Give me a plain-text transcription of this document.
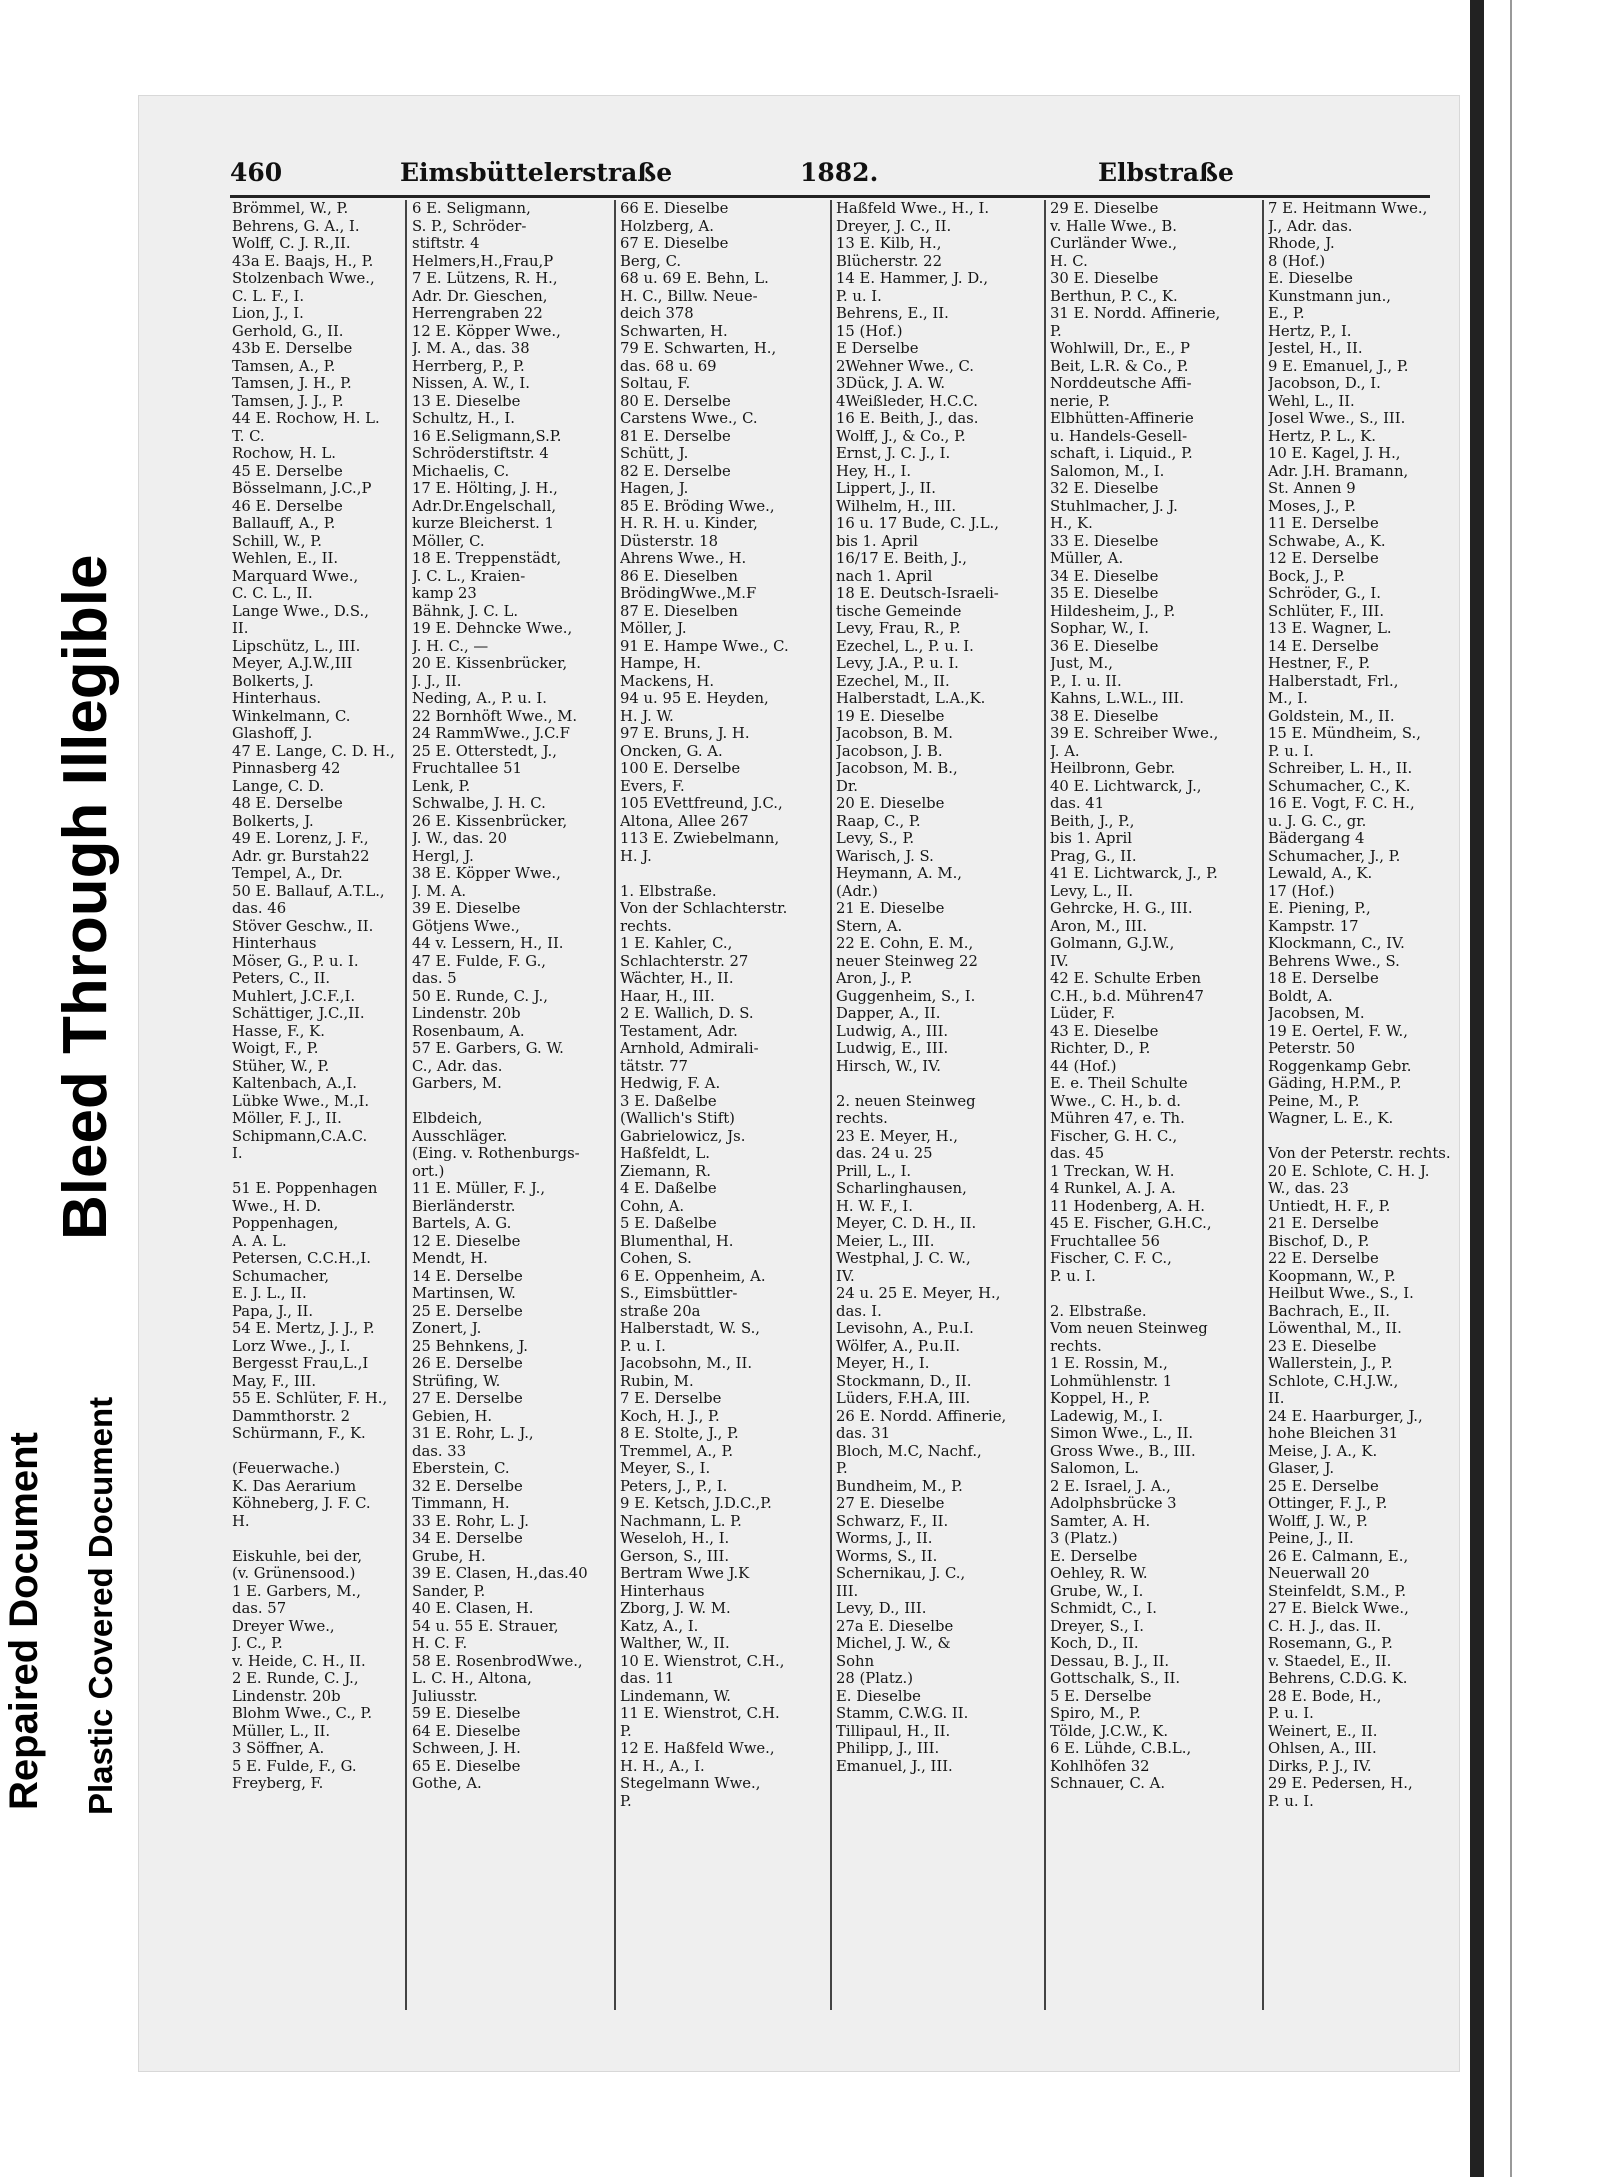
Bleed Through Illegible
Repaired Document Plastic Covered Document
460	Eimsbüttelerstraße	1882.	Elbstraße
Brömmel, W., P.
Behrens, G. A., I.
Wolff, C. J. R.,II.
43a E. Baajs, H., P.
Stolzenbach Wwe.,
C. L. F., I.
Lion, J., I.
Gerhold, G., II.
43b E. Derselbe
Tamsen, A., P.
Tamsen, J. H., P.
Tamsen, J. J., P.
44 E. Rochow, H. L.
T. C.
Rochow, H. L.
45 E. Derselbe
Bösselmann, J.C.,P
46 E. Derselbe
Ballauff, A., P.
Schill, W., P.
Wehlen, E., II.
Marquard Wwe.,
C. C. L., II.
Lange Wwe., D.S.,
II.
Lipschütz, L., III.
Meyer, A.J.W.,III
Bolkerts, J.
Hinterhaus.
Winkelmann, C.
Glashoff, J.
47 E. Lange, C. D. H.,
Pinnasberg 42
Lange, C. D.
48 E. Derselbe
Bolkerts, J.
49 E. Lorenz, J. F.,
Adr. gr. Burstah22
Tempel, A., Dr.
50 E. Ballauf, A.T.L.,
das. 46
Stöver Geschw., II.
Hinterhaus
Möser, G., P. u. I.
Peters, C., II.
Muhlert, J.C.F.,I.
Schättiger, J.C.,II.
Hasse, F., K.
Woigt, F., P.
Stüher, W., P.
Kaltenbach, A.,I.
Lübke Wwe., M.,I.
Möller, F. J., II.
Schipmann,C.A.C.
I.

51 E. Poppenhagen
Wwe., H. D.
Poppenhagen,
A. A. L.
Petersen, C.C.H.,I.
Schumacher,
E. J. L., II.
Papa, J., II.
54 E. Mertz, J. J., P.
Lorz Wwe., J., I.
Bergesst Frau,L.,I
May, F., III.
55 E. Schlüter, F. H.,
Dammthorstr. 2
Schürmann, F., K.

(Feuerwache.)
K. Das Aerarium
Köhneberg, J. F. C.
H.

Eiskuhle, bei der,
(v. Grünensood.)
1 E. Garbers, M.,
das. 57
Dreyer Wwe.,
J. C., P.
v. Heide, C. H., II.
2 E. Runde, C. J.,
Lindenstr. 20b
Blohm Wwe., C., P.
Müller, L., II.
3 Söffner, A.
5 E. Fulde, F., G.
Freyberg, F.
6 E. Seligmann,
S. P., Schröder-
stiftstr. 4
Helmers,H.,Frau,P
7 E. Lützens, R. H.,
Adr. Dr. Gieschen,
Herrengraben 22
12 E. Köpper Wwe.,
J. M. A., das. 38
Herrberg, P., P.
Nissen, A. W., I.
13 E. Dieselbe
Schultz, H., I.
16 E.Seligmann,S.P.
Schröderstiftstr. 4
Michaelis, C.
17 E. Hölting, J. H.,
Adr.Dr.Engelschall,
kurze Bleicherst. 1
Möller, C.
18 E. Treppenstädt,
J. C. L., Kraien-
kamp 23
Bähnk, J. C. L.
19 E. Dehncke Wwe.,
J. H. C., —
20 E. Kissenbrücker,
J. J., II.
Neding, A., P. u. I.
22 Bornhöft Wwe., M.
24 RammWwe., J.C.F
25 E. Otterstedt, J.,
Fruchtallee 51
Lenk, P.
Schwalbe, J. H. C.
26 E. Kissenbrücker,
J. W., das. 20
Hergl, J.
38 E. Köpper Wwe.,
J. M. A.
39 E. Dieselbe
Götjens Wwe.,
44 v. Lessern, H., II.
47 E. Fulde, F. G.,
das. 5
50 E. Runde, C. J.,
Lindenstr. 20b
Rosenbaum, A.
57 E. Garbers, G. W.
C., Adr. das.
Garbers, M.

Elbdeich,
Ausschläger.
(Eing. v. Rothenburgs-
ort.)
11 E. Müller, F. J.,
Bierländerstr.
Bartels, A. G.
12 E. Dieselbe
Mendt, H.
14 E. Derselbe
Martinsen, W.
25 E. Derselbe
Zonert, J.
25 Behnkens, J.
26 E. Derselbe
Strüfing, W.
27 E. Derselbe
Gebien, H.
31 E. Rohr, L. J.,
das. 33
Eberstein, C.
32 E. Derselbe
Timmann, H.
33 E. Rohr, L. J.
34 E. Derselbe
Grube, H.
39 E. Clasen, H.,das.40
Sander, P.
40 E. Clasen, H.
54 u. 55 E. Strauer,
H. C. F.
58 E. RosenbrodWwe.,
L. C. H., Altona,
Juliusstr.
59 E. Dieselbe
64 E. Dieselbe
Schween, J. H.
65 E. Dieselbe
Gothe, A.
66 E. Dieselbe
Holzberg, A.
67 E. Dieselbe
Berg, C.
68 u. 69 E. Behn, L.
H. C., Billw. Neue-
deich 378
Schwarten, H.
79 E. Schwarten, H.,
das. 68 u. 69
Soltau, F.
80 E. Derselbe
Carstens Wwe., C.
81 E. Derselbe
Schütt, J.
82 E. Derselbe
Hagen, J.
85 E. Bröding Wwe.,
H. R. H. u. Kinder,
Düsterstr. 18
Ahrens Wwe., H.
86 E. Dieselben
BrödingWwe.,M.F
87 E. Dieselben
Möller, J.
91 E. Hampe Wwe., C.
Hampe, H.
Mackens, H.
94 u. 95 E. Heyden,
H. J. W.
97 E. Bruns, J. H.
Oncken, G. A.
100 E. Derselbe
Evers, F.
105 EVettfreund, J.C.,
Altona, Allee 267
113 E. Zwiebelmann,
H. J.

1. Elbstraße.
Von der Schlachterstr.
rechts.
1 E. Kahler, C.,
Schlachterstr. 27
Wächter, H., II.
Haar, H., III.
2 E. Wallich, D. S.
Testament, Adr.
Arnhold, Admirali-
tätstr. 77
Hedwig, F. A.
3 E. Daßelbe
(Wallich's Stift)
Gabrielowicz, Js.
Haßfeldt, L.
Ziemann, R.
4 E. Daßelbe
Cohn, A.
5 E. Daßelbe
Blumenthal, H.
Cohen, S.
6 E. Oppenheim, A.
S., Eimsbüttler-
straße 20a
Halberstadt, W. S.,
P. u. I.
Jacobsohn, M., II.
Rubin, M.
7 E. Derselbe
Koch, H. J., P.
8 E. Stolte, J., P.
Tremmel, A., P.
Meyer, S., I.
Peters, J., P., I.
9 E. Ketsch, J.D.C.,P.
Nachmann, L. P.
Weseloh, H., I.
Gerson, S., III.
Bertram Wwe J.K
Hinterhaus
Zborg, J. W. M.
Katz, A., I.
Walther, W., II.
10 E. Wienstrot, C.H.,
das. 11
Lindemann, W.
11 E. Wienstrot, C.H.
P.
12 E. Haßfeld Wwe.,
H. H., A., I.
Stegelmann Wwe.,
P.
Haßfeld Wwe., H., I.
Dreyer, J. C., II.
13 E. Kilb, H.,
Blücherstr. 22
14 E. Hammer, J. D.,
P. u. I.
Behrens, E., II.
15 (Hof.)
E Derselbe
2Wehner Wwe., C.
3Dück, J. A. W.
4Weißleder, H.C.C.
16 E. Beith, J., das.
Wolff, J., & Co., P.
Ernst, J. C. J., I.
Hey, H., I.
Lippert, J., II.
Wilhelm, H., III.
16 u. 17 Bude, C. J.L.,
bis 1. April
16/17 E. Beith, J.,
nach 1. April
18 E. Deutsch-Israeli-
tische Gemeinde
Levy, Frau, R., P.
Ezechel, L., P. u. I.
Levy, J.A., P. u. I.
Ezechel, M., II.
Halberstadt, L.A.,K.
19 E. Dieselbe
Jacobson, B. M.
Jacobson, J. B.
Jacobson, M. B.,
Dr.
20 E. Dieselbe
Raap, C., P.
Levy, S., P.
Warisch, J. S.
Heymann, A. M.,
(Adr.)
21 E. Dieselbe
Stern, A.
22 E. Cohn, E. M.,
neuer Steinweg 22
Aron, J., P.
Guggenheim, S., I.
Dapper, A., II.
Ludwig, A., III.
Ludwig, E., III.
Hirsch, W., IV.

2. neuen Steinweg
rechts.
23 E. Meyer, H.,
das. 24 u. 25
Prill, L., I.
Scharlinghausen,
H. W. F., I.
Meyer, C. D. H., II.
Meier, L., III.
Westphal, J. C. W.,
IV.
24 u. 25 E. Meyer, H.,
das. I.
Levisohn, A., P.u.I.
Wölfer, A., P.u.II.
Meyer, H., I.
Stockmann, D., II.
Lüders, F.H.A, III.
26 E. Nordd. Affinerie,
das. 31
Bloch, M.C, Nachf.,
P.
Bundheim, M., P.
27 E. Dieselbe
Schwarz, F., II.
Worms, J., II.
Worms, S., II.
Schernikau, J. C.,
III.
Levy, D., III.
27a E. Dieselbe
Michel, J. W., &
Sohn
28 (Platz.)
E. Dieselbe
Stamm, C.W.G. II.
Tillipaul, H., II.
Philipp, J., III.
Emanuel, J., III.
29 E. Dieselbe
v. Halle Wwe., B.
Curländer Wwe.,
H. C.
30 E. Dieselbe
Berthun, P. C., K.
31 E. Nordd. Affinerie,
P.
Wohlwill, Dr., E., P
Beit, L.R. & Co., P.
Norddeutsche Affi-
nerie, P.
Elbhütten-Affinerie
u. Handels-Gesell-
schaft, i. Liquid., P.
Salomon, M., I.
32 E. Dieselbe
Stuhlmacher, J. J.
H., K.
33 E. Dieselbe
Müller, A.
34 E. Dieselbe
35 E. Dieselbe
Hildesheim, J., P.
Sophar, W., I.
36 E. Dieselbe
Just, M.,
P., I. u. II.
Kahns, L.W.L., III.
38 E. Dieselbe
39 E. Schreiber Wwe.,
J. A.
Heilbronn, Gebr.
40 E. Lichtwarck, J.,
das. 41
Beith, J., P.,
bis 1. April
Prag, G., II.
41 E. Lichtwarck, J., P.
Levy, L., II.
Gehrcke, H. G., III.
Aron, M., III.
Golmann, G.J.W.,
IV.
42 E. Schulte Erben
C.H., b.d. Mühren47
Lüder, F.
43 E. Dieselbe
Richter, D., P.
44 (Hof.)
E. e. Theil Schulte
Wwe., C. H., b. d.
Mühren 47, e. Th.
Fischer, G. H. C.,
das. 45
1 Treckan, W. H.
4 Runkel, A. J. A.
11 Hodenberg, A. H.
45 E. Fischer, G.H.C.,
Fruchtallee 56
Fischer, C. F. C.,
P. u. I.

2. Elbstraße.
Vom neuen Steinweg
rechts.
1 E. Rossin, M.,
Lohmühlenstr. 1
Koppel, H., P.
Ladewig, M., I.
Simon Wwe., L., II.
Gross Wwe., B., III.
Salomon, L.
2 E. Israel, J. A.,
Adolphsbrücke 3
Samter, A. H.
3 (Platz.)
E. Derselbe
Oehley, R. W.
Grube, W., I.
Schmidt, C., I.
Dreyer, S., I.
Koch, D., II.
Dessau, B. J., II.
Gottschalk, S., II.
5 E. Derselbe
Spiro, M., P.
Tölde, J.C.W., K.
6 E. Lühde, C.B.L.,
Kohlhöfen 32
Schnauer, C. A.
7 E. Heitmann Wwe.,
J., Adr. das.
Rhode, J.
8 (Hof.)
E. Dieselbe
Kunstmann jun.,
E., P.
Hertz, P., I.
Jestel, H., II.
9 E. Emanuel, J., P.
Jacobson, D., I.
Wehl, L., II.
Josel Wwe., S., III.
Hertz, P. L., K.
10 E. Kagel, J. H.,
Adr. J.H. Bramann,
St. Annen 9
Moses, J., P.
11 E. Derselbe
Schwabe, A., K.
12 E. Derselbe
Bock, J., P.
Schröder, G., I.
Schlüter, F., III.
13 E. Wagner, L.
14 E. Derselbe
Hestner, F., P.
Halberstadt, Frl.,
M., I.
Goldstein, M., II.
15 E. Mündheim, S.,
P. u. I.
Schreiber, L. H., II.
Schumacher, C., K.
16 E. Vogt, F. C. H.,
u. J. G. C., gr.
Bädergang 4
Schumacher, J., P.
Lewald, A., K.
17 (Hof.)
E. Piening, P.,
Kampstr. 17
Klockmann, C., IV.
Behrens Wwe., S.
18 E. Derselbe
Boldt, A.
Jacobsen, M.
19 E. Oertel, F. W.,
Peterstr. 50
Roggenkamp Gebr.
Gäding, H.P.M., P.
Peine, M., P.
Wagner, L. E., K.

Von der Peterstr. rechts.
20 E. Schlote, C. H. J.
W., das. 23
Untiedt, H. F., P.
21 E. Derselbe
Bischof, D., P.
22 E. Derselbe
Koopmann, W., P.
Heilbut Wwe., S., I.
Bachrach, E., II.
Löwenthal, M., II.
23 E. Dieselbe
Wallerstein, J., P.
Schlote, C.H.J.W.,
II.
24 E. Haarburger, J.,
hohe Bleichen 31
Meise, J. A., K.
Glaser, J.
25 E. Derselbe
Ottinger, F. J., P.
Wolff, J. W., P.
Peine, J., II.
26 E. Calmann, E.,
Neuerwall 20
Steinfeldt, S.M., P.
27 E. Bielck Wwe.,
C. H. J., das. II.
Rosemann, G., P.
v. Staedel, E., II.
Behrens, C.D.G. K.
28 E. Bode, H.,
P. u. I.
Weinert, E., II.
Ohlsen, A., III.
Dirks, P. J., IV.
29 E. Pedersen, H.,
P. u. I.
